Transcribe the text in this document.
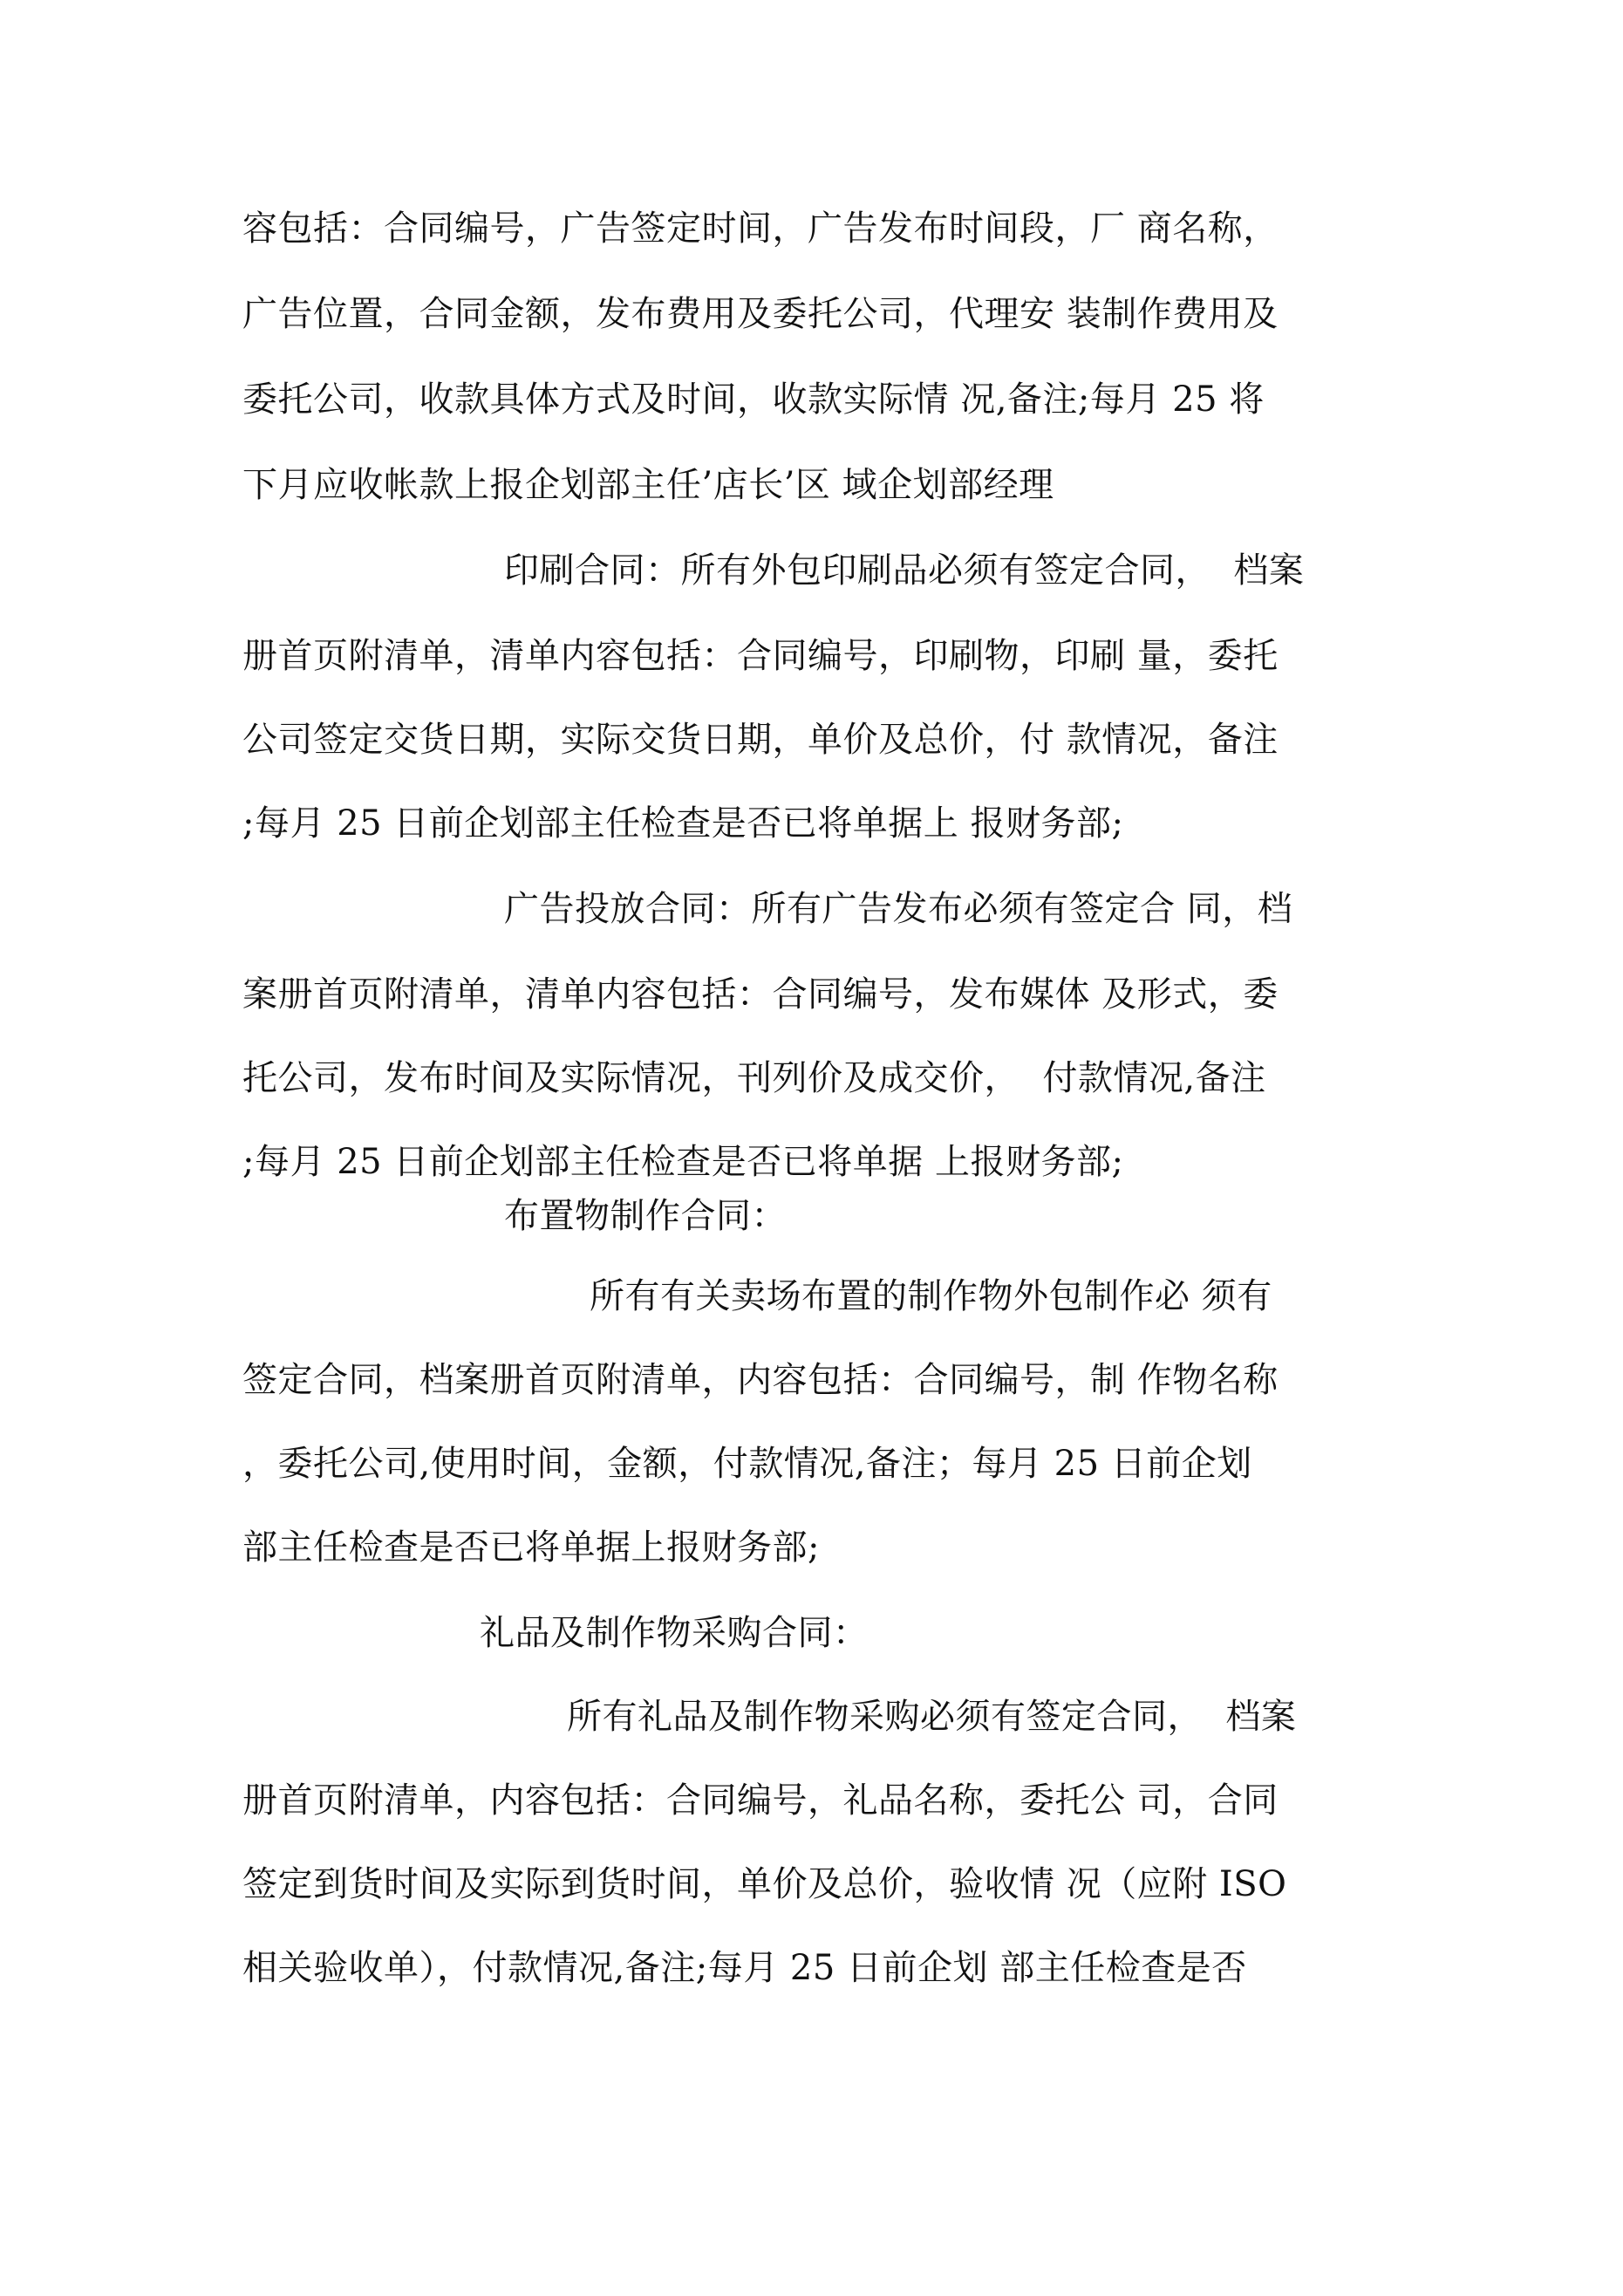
容包括：合同编号，广告签定时间，广告发布时间段，厂 商名称，
广告位置，合同金额，发布费用及委托公司，代理安 装制作费用及
委托公司，收款具体方式及时间，收款实际情 况,备注;每月 25 将
下月应收帐款上报企划部主任’店长’区 域企划部经理
印刷合同：所有外包印刷品必须有签定合同，  档案
册首页附清单，清单内容包括：合同编号，印刷物，印刷 量，委托
公司签定交货日期，实际交货日期，单价及总价，付 款情况，备注
;每月 25 日前企划部主任检查是否已将单据上 报财务部;
广告投放合同：所有广告发布必须有签定合 同，档
案册首页附清单，清单内容包括：合同编号，发布媒体 及形式，委
托公司，发布时间及实际情况，刊列价及成交价，  付款情况,备注
;每月 25 日前企划部主任检查是否已将单据 上报财务部;
布置物制作合同：
所有有关卖场布置的制作物外包制作必 须有
签定合同，档案册首页附清单，内容包括：合同编号，制 作物名称
，委托公司,使用时间，金额，付款情况,备注；每月 25 日前企划
部主任检查是否已将单据上报财务部;
礼品及制作物采购合同：
所有礼品及制作物采购必须有签定合同，  档案
册首页附清单，内容包括：合同编号，礼品名称，委托公 司，合同
签定到货时间及实际到货时间，单价及总价，验收情 况（应附 ISO
相关验收单），付款情况,备注;每月 25 日前企划 部主任检查是否
